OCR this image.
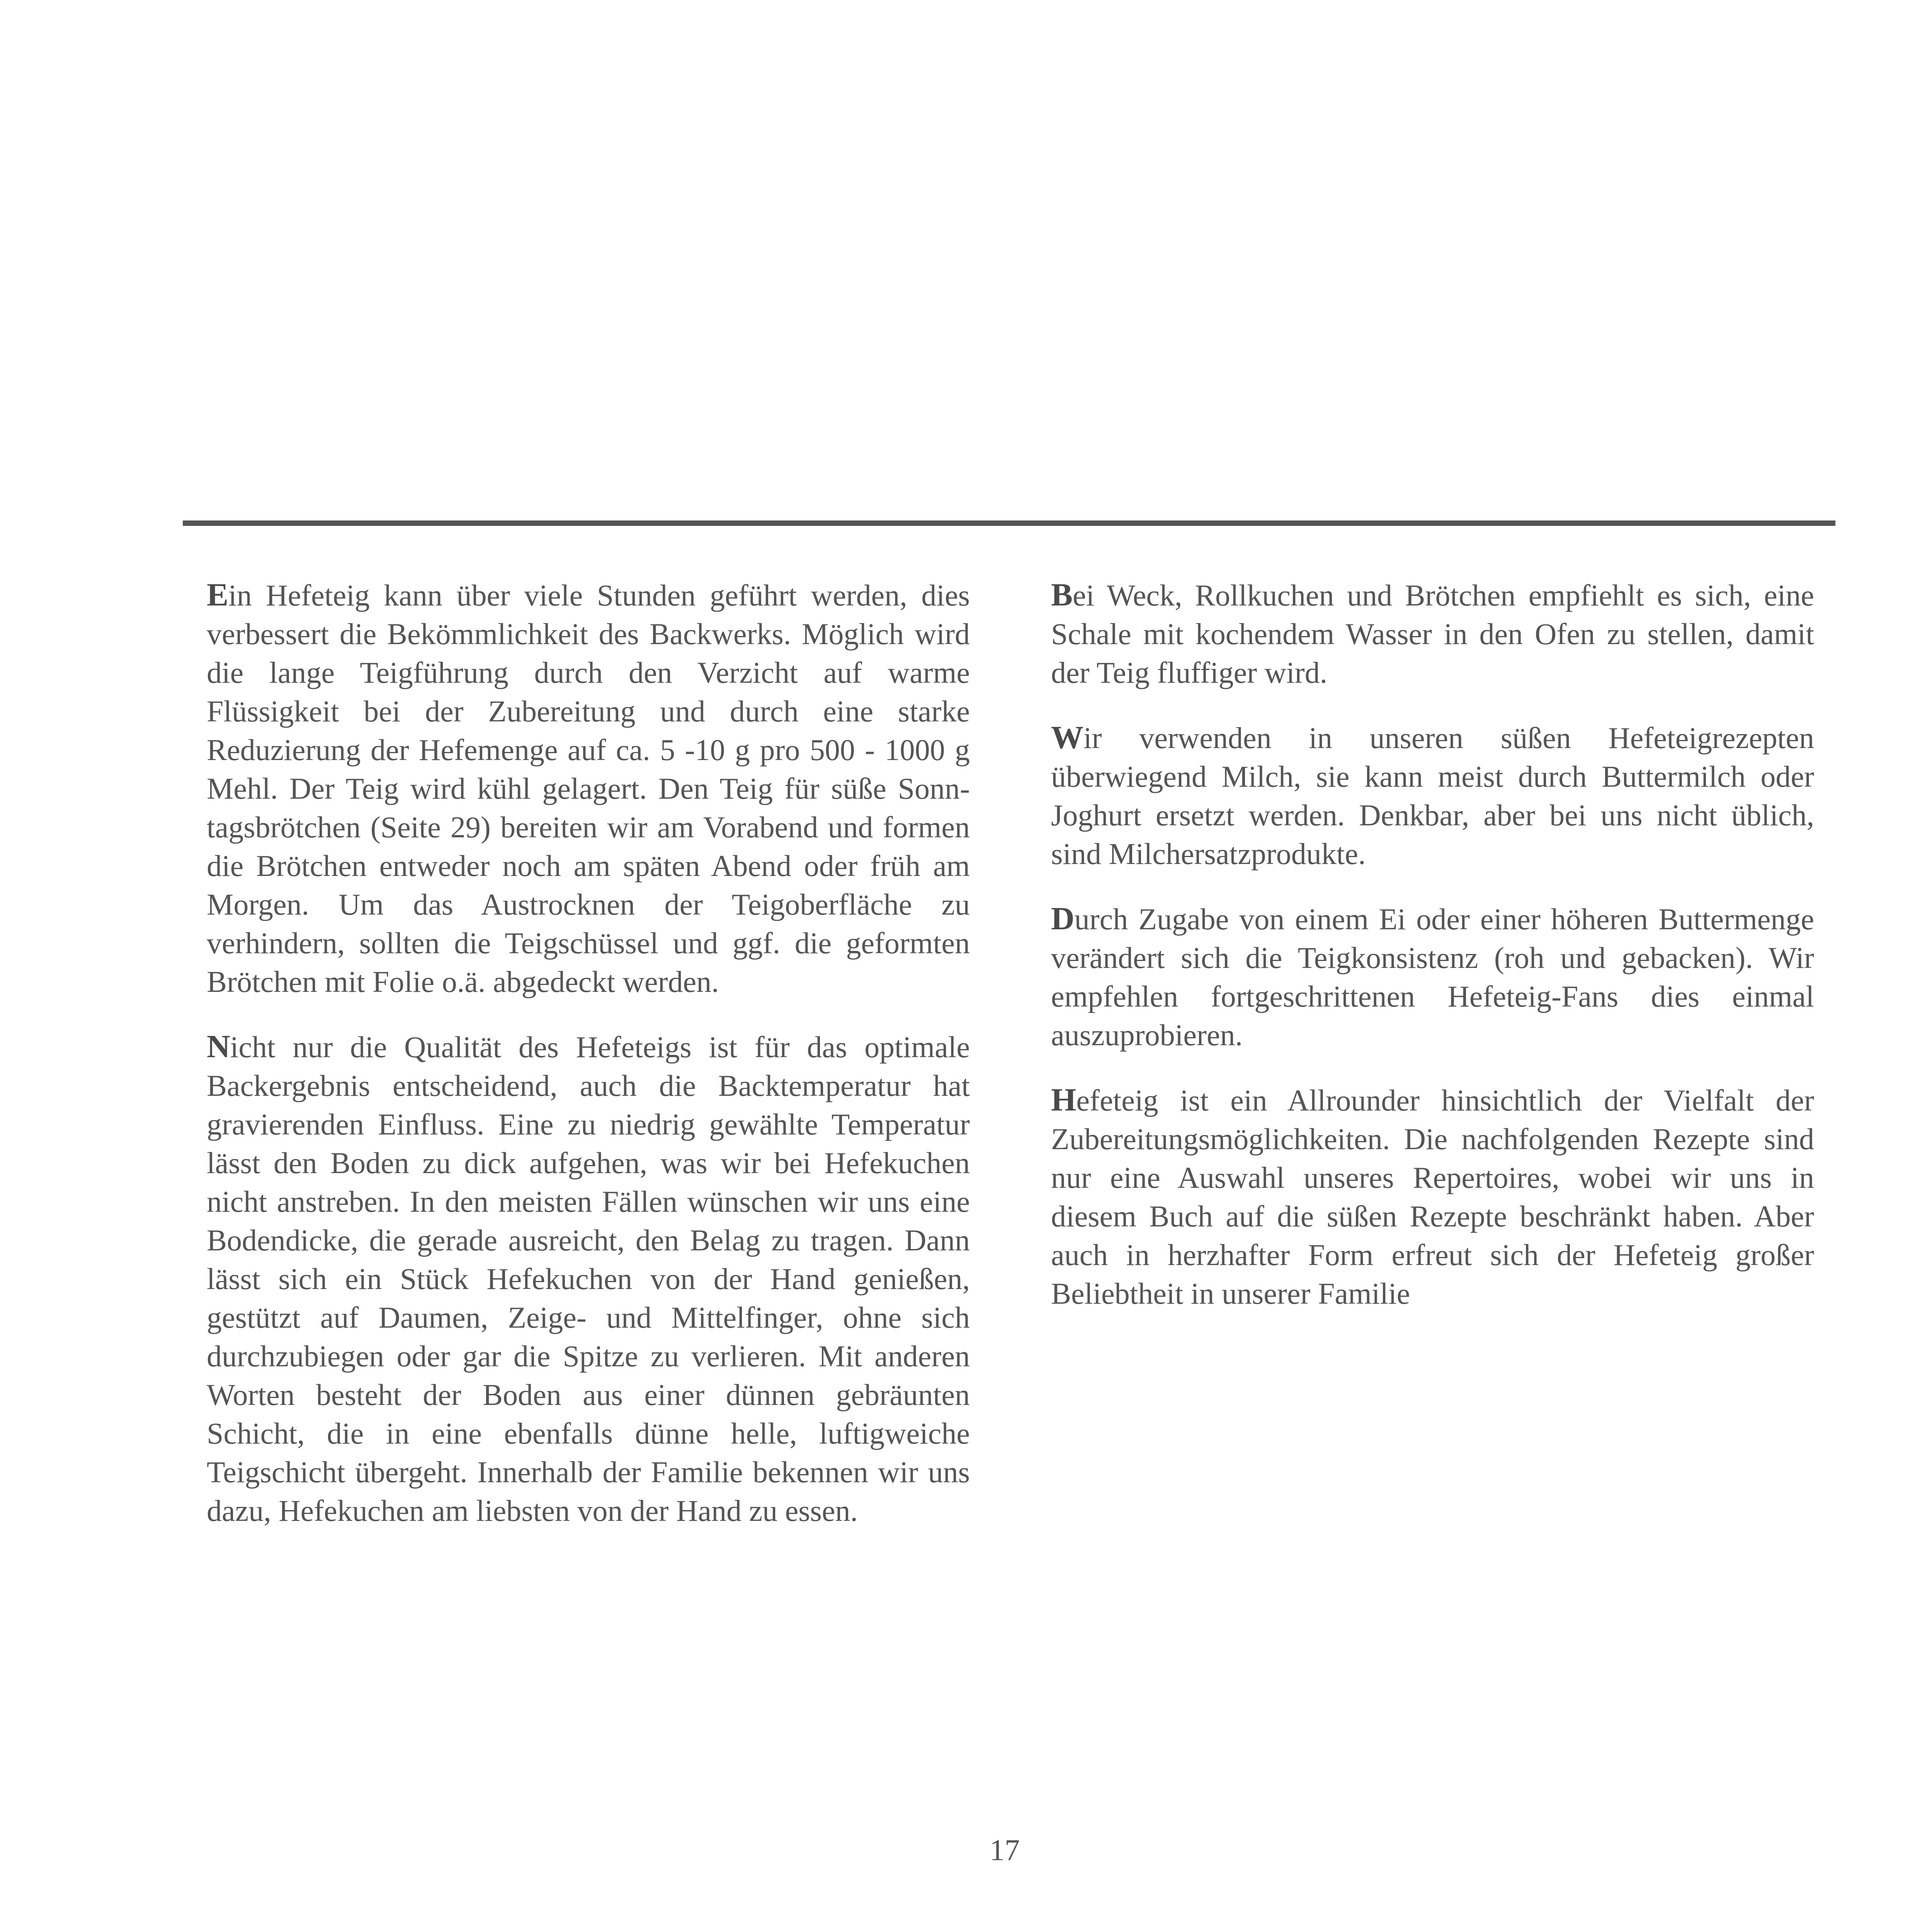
Ein Hefeteig kann über viele Stunden geführt werden, dies verbessert die Bekömmlichkeit des Backwerks. Möglich wird die lange Teigführung durch den Verzicht auf warme Flüssigkeit bei der Zubereitung und durch eine starke Reduzierung der Hefemenge auf ca. 5 -10 g pro 500 - 1000 g Mehl. Der Teig wird kühl gelagert. Den Teig für süße Sonntagsbrötchen (Seite 29) bereiten wir am Vorabend und formen die Brötchen entweder noch am späten Abend oder früh am Morgen. Um das Austrocknen der Teigoberfläche zu verhindern, sollten die Teigschüssel und ggf. die geformten Brötchen mit Folie o.ä. abgedeckt werden.

Nicht nur die Qualität des Hefeteigs ist für das optimale Backergebnis entscheidend, auch die Backtemperatur hat gravierenden Einfluss. Eine zu niedrig gewählte Temperatur lässt den Boden zu dick aufgehen, was wir bei Hefekuchen nicht anstreben. In den meisten Fällen wünschen wir uns eine Bodendicke, die gerade ausreicht, den Belag zu tragen. Dann lässt sich ein Stück Hefekuchen von der Hand genießen, gestützt auf Daumen, Zeige- und Mittelfinger, ohne sich durchzubiegen oder gar die Spitze zu verlieren. Mit anderen Worten besteht der Boden aus einer dünnen gebräunten Schicht, die in eine ebenfalls dünne helle, luftigweiche Teigschicht übergeht. Innerhalb der Familie bekennen wir uns dazu, Hefekuchen am liebsten von der Hand zu essen.

Bei Weck, Rollkuchen und Brötchen empfiehlt es sich, eine Schale mit kochendem Wasser in den Ofen zu stellen, damit der Teig fluffiger wird.

Wir verwenden in unseren süßen Hefeteigrezepten überwiegend Milch, sie kann meist durch Buttermilch oder Joghurt ersetzt werden. Denkbar, aber bei uns nicht üblich, sind Milchersatzprodukte.

Durch Zugabe von einem Ei oder einer höheren Buttermenge verändert sich die Teigkonsistenz (roh und gebacken). Wir empfehlen fortgeschrittenen Hefeteig-Fans dies einmal auszuprobieren.

Hefeteig ist ein Allrounder hinsichtlich der Vielfalt der Zubereitungsmöglichkeiten. Die nachfolgenden Rezepte sind nur eine Auswahl unseres Repertoires, wobei wir uns in diesem Buch auf die süßen Rezepte beschränkt haben. Aber auch in herzhafter Form erfreut sich der Hefeteig großer Beliebtheit in unserer Familie

17
